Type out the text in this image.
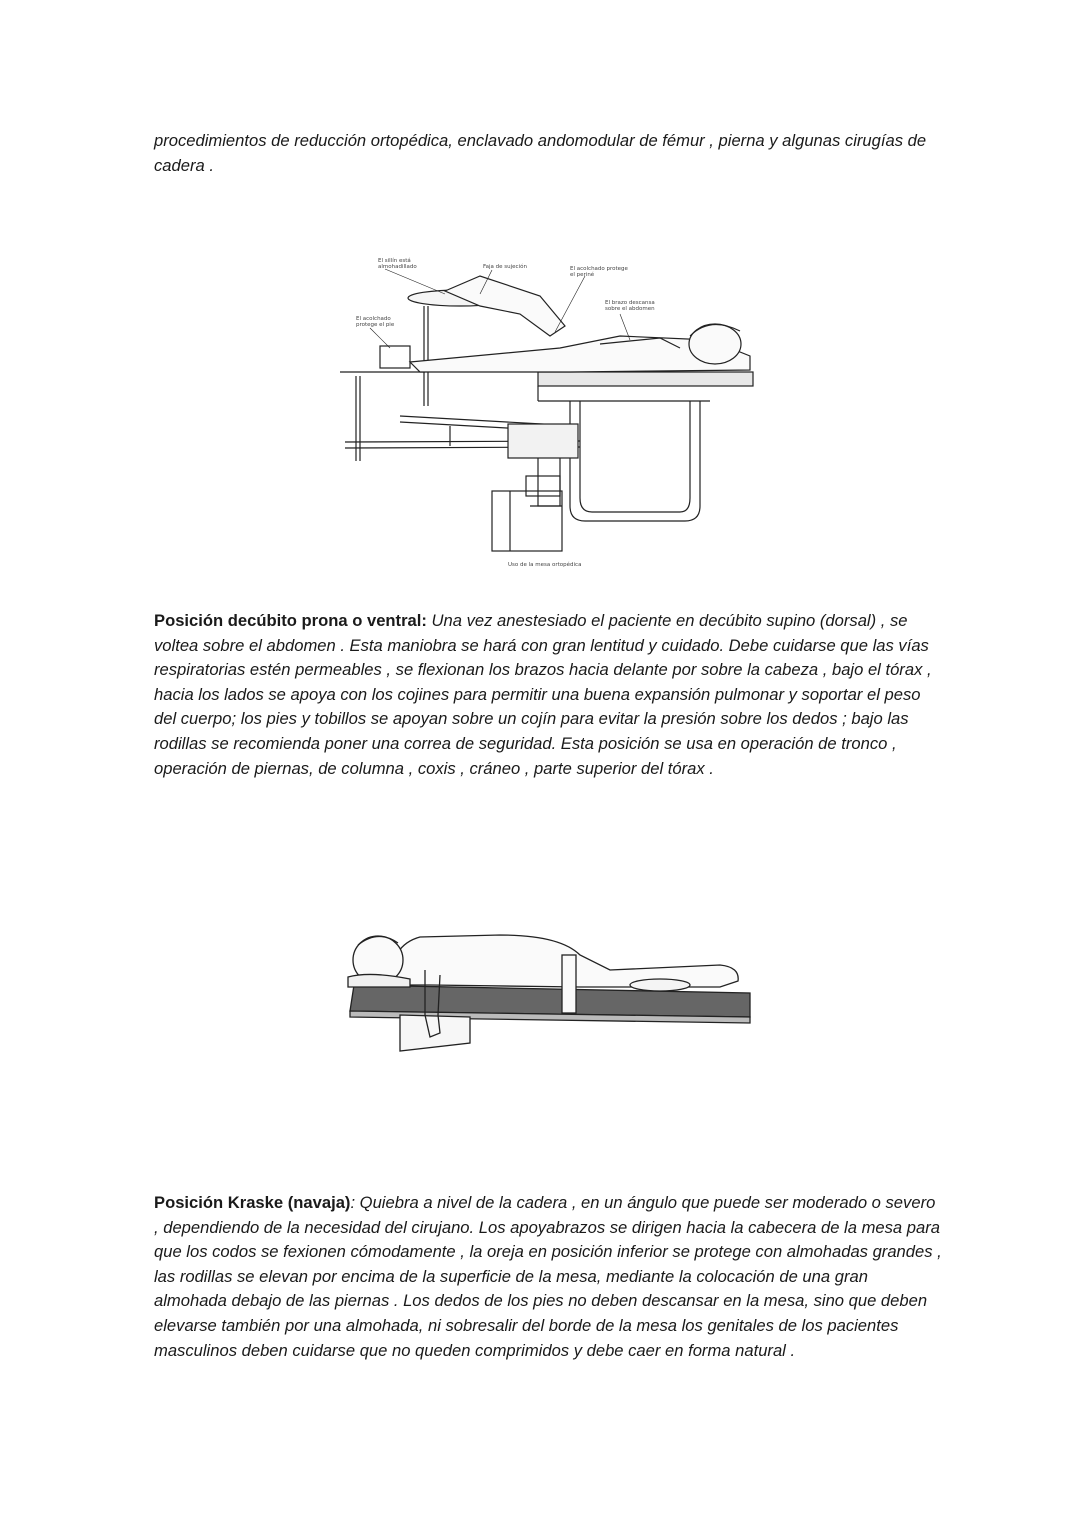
procedimientos de reducción ortopédica, enclavado andomodular de fémur , pierna y algunas cirugías de cadera .

El sillín está
almohadillado	Faja de sujeción	El acolchado protege
el periné
El brazo descansa
sobre el abdomen
El acolchado
protege el pie
Uso de la mesa ortopédica

Posición decúbito prona o ventral: Una vez anestesiado el paciente en decúbito supino (dorsal) , se voltea sobre el abdomen . Esta maniobra se hará con gran lentitud y cuidado. Debe cuidarse que las vías respiratorias estén permeables , se flexionan los brazos hacia delante por sobre la cabeza , bajo el tórax , hacia los lados se apoya con los cojines para permitir una buena expansión pulmonar y soportar el peso del cuerpo; los pies y tobillos se apoyan sobre un cojín para evitar la presión sobre los dedos ; bajo las rodillas se recomienda poner una correa de seguridad. Esta posición se usa en operación de tronco , operación de piernas, de columna , coxis , cráneo , parte superior del tórax .

Posición Kraske (navaja): Quiebra a nivel de la cadera , en un ángulo que puede ser moderado o severo , dependiendo de la necesidad del cirujano. Los apoyabrazos se dirigen hacia la cabecera de la mesa para que los codos se fexionen cómodamente , la oreja en posición inferior se protege con almohadas grandes , las rodillas se elevan por encima de la superficie de la mesa, mediante la colocación de una gran almohada debajo de las piernas . Los dedos de los pies no deben descansar en la mesa, sino que deben elevarse también por una almohada, ni sobresalir del borde de la mesa los genitales de los pacientes masculinos deben cuidarse que no queden comprimidos y debe caer en forma natural .
